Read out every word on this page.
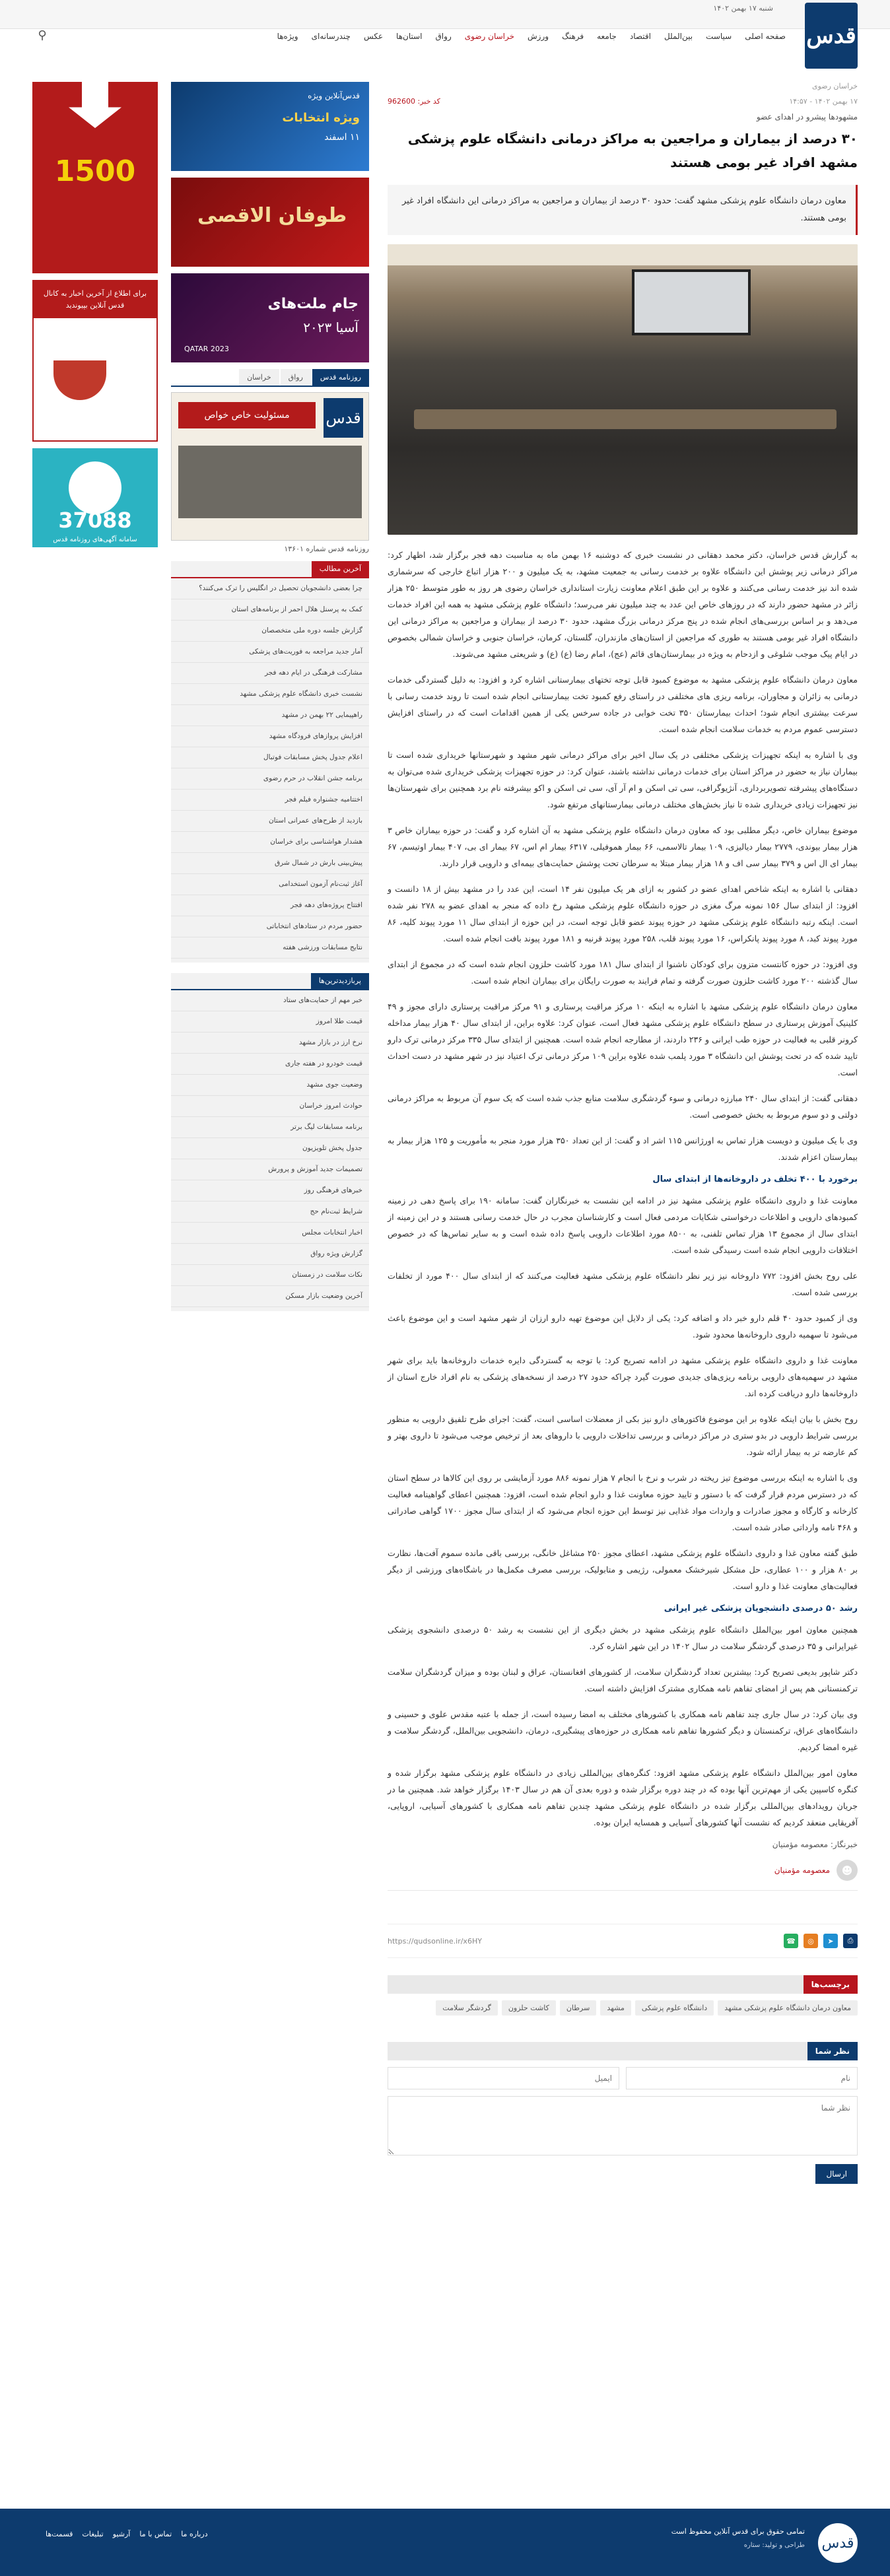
شنبه ۱۷ بهمن ۱۴۰۲
قدس
صفحه اصلی
سیاست
بین‌الملل
اقتصاد
جامعه
فرهنگ
ورزش
خراسان رضوی
رواق
استان‌ها
عکس
چندرسانه‌ای
ویژه‌ها
⚲
خراسان رضوی
۱۷ بهمن ۱۴۰۲ - ۱۴:۵۷
کد خبر: 962600
مشهودها پیشرو در اهدای عضو
۳۰ درصد از بیماران و مراجعین به مراکز درمانی دانشگاه علوم پزشکی مشهد افراد غیر بومی هستند
معاون درمان دانشگاه علوم پزشکی مشهد گفت: حدود ۳۰ درصد از بیماران و مراجعین به مراکز درمانی این دانشگاه افراد غیر بومی هستند.

به گزارش قدس خراسان، دکتر محمد دهقانی در نشست خبری که دوشنبه ۱۶ بهمن ماه به مناسبت دهه فجر برگزار شد، اظهار کرد: مراکز درمانی زیر پوشش این دانشگاه علاوه بر خدمت رسانی به جمعیت مشهد، به یک میلیون و ۲۰۰ هزار اتباع خارجی که سرشماری شده اند نیز خدمت رسانی می‌کنند و علاوه بر این طبق اعلام معاونت زیارت استانداری خراسان رضوی هر روز به طور متوسط ۲۵۰ هزار زائر در مشهد حضور دارند که در روزهای خاص این عدد به چند میلیون نفر می‌رسد؛ دانشگاه علوم پزشکی مشهد به همه این افراد خدمات می‌دهد و بر اساس بررسی‌های انجام شده در پنج مرکز درمانی بزرگ مشهد، حدود ۳۰ درصد از بیماران و مراجعین به مراکز درمانی این دانشگاه افراد غیر بومی هستند به طوری که مراجعین از استان‌های مازندران، گلستان، کرمان، خراسان جنوبی و خراسان شمالی بخصوص در ایام پیک موجب شلوغی و ازدحام به ویژه در بیمارستان‌های قائم (عج)، امام رضا (ع) (ع) و شریعتی مشهد می‌شوند.

معاون درمان دانشگاه علوم پزشکی مشهد به موضوع کمبود قابل توجه تختهای بیمارستانی اشاره کرد و افزود: به دلیل گستردگی خدمات درمانی به زائران و مجاوران، برنامه ریزی های مختلفی در راستای رفع کمبود تخت بیمارستانی انجام شده است تا روند خدمت رسانی با سرعت بیشتری انجام شود؛ احداث بیمارستان ۳۵۰ تخت خوابی در جاده سرخس یکی از همین اقدامات است که در راستای افزایش دسترسی عموم مردم به خدمات سلامت انجام شده است.

وی با اشاره به اینکه تجهیزات پزشکی مختلفی در یک سال اخیر برای مراکز درمانی شهر مشهد و شهرستانها خریداری شده است تا بیماران نیاز به حضور در مراکز استان برای خدمات درمانی نداشته باشند، عنوان کرد: در حوزه تجهیزات پزشکی خریداری شده می‌توان به دستگاه‌های پیشرفته تصویربرداری، آنژیوگرافی، سی تی اسکن و ام آر آی، سی تی اسکن و اکو بیشرفته نام برد همچنین برای شهرستان‌ها نیز تجهیزات زیادی خریداری شده تا نیاز بخش‌های مختلف درمانی بیمارستانهای مرتفع شود.

موضوع بیماران خاص، دیگر مطلبی بود که معاون درمان دانشگاه علوم پزشکی مشهد به آن اشاره کرد و گفت: در حوزه بیماران خاص ۳ هزار بیمار بیوندی، ۲۷۷۹ بیمار دیالیزی، ۱۰۹ بیمار تالاسمی، ۶۶ بیمار هموفیلی، ۶۳۱۷ بیمار ام اس، ۶۷ بیمار ای بی، ۴۰۷ بیمار اوتیسم، ۶۷ بیمار ای ال اس و ۳۷۹ بیمار سی اف و ۱۸ هزار بیمار مبتلا به سرطان تحت پوشش حمایت‌های بیمه‌ای و دارویی قرار دارند.

دهقانی با اشاره به اینکه شاخص اهدای عضو در کشور به ازای هر یک میلیون نفر ۱۴ است، این عدد را در مشهد بیش از ۱۸ دانست و افزود: از ابتدای سال ۱۵۶ نمونه مرگ مغزی در حوزه دانشگاه علوم پزشکی مشهد رخ داده که منجر به اهدای عضو به ۲۷۸ نفر شده است. اینکه رتبه دانشگاه علوم پزشکی مشهد در حوزه پیوند عضو قابل توجه است، در این حوزه از ابتدای سال ۱۱ مورد پیوند کلیه، ۸۶ مورد پیوند کبد، ۸ مورد پیوند پانکراس، ۱۶ مورد پیوند قلب، ۲۵۸ مورد پیوند قرنیه و ۱۸۱ مورد پیوند بافت انجام شده است.

وی افزود: در حوزه کانتست متزون برای کودکان ناشنوا از ابتدای سال ۱۸۱ مورد کاشت حلزون انجام شده است که در مجموع از ابتدای سال گذشته ۲۰۰ مورد کاشت حلزون صورت گرفته و تمام فرایند به صورت رایگان برای بیماران انجام شده است.

معاون درمان دانشگاه علوم پزشکی مشهد با اشاره به اینکه ۱۰ مرکز مراقبت پرستاری و ۹۱ مرکز مراقبت پرستاری دارای مجوز و ۴۹ کلینیک آموزش پرستاری در سطح دانشگاه علوم پزشکی مشهد فعال است، عنوان کرد: علاوه براین، از ابتدای سال ۴۰ هزار بیمار مداخله کرونر قلبی به فعالیت در حوزه طب ایرانی و ۲۳۶ داردند، از مطارجه انجام شده است. همچنین از ابتدای سال ۳۳۵ مرکز درمانی ترک دارو تایید شده که در تحت پوشش این دانشگاه ۳ مورد پلمب شده علاوه براین ۱۰۹ مرکز درمانی ترک اعتیاد نیز در شهر مشهد در دست احداث است.

دهقانی گفت: از ابتدای سال ۲۴۰ مبارزه درمانی و سوء گردشگری سلامت منابع جذب شده است که یک سوم آن مربوط به مراکز درمانی دولتی و دو سوم مربوط به بخش خصوصی است.

وی با یک میلیون و دویست هزار تماس به اورژانس ۱۱۵ اشر اد و گفت: از این تعداد ۳۵۰ هزار مورد منجر به مأموریت و ۱۲۵ هزار بیمار به بیمارستان اعزام شدند.

برخورد با ۴۰۰ تخلف در داروخانه‌ها از ابتدای سال

معاونت غذا و داروی دانشگاه علوم پزشکی مشهد نیز در ادامه این نشست به خبرنگاران گفت: سامانه ۱۹۰ برای پاسخ دهی در زمینه کمبودهای دارویی و اطلاعات درخواستی شکایات مردمی فعال است و کارشناسان مجرب در حال خدمت رسانی هستند و در این زمینه از ابتدای سال از مجموع ۱۳ هزار تماس تلفنی، به ۸۵۰۰ مورد اطلاعات دارویی پاسخ داده شده است و به سایر تماس‌ها که در خصوص اختلافات دارویی انجام شده است رسیدگی شده است.

علی روح بخش افزود: ۷۷۲ داروخانه نیز زیر نظر دانشگاه علوم پزشکی مشهد فعالیت می‌کنند که از ابتدای سال ۴۰۰ مورد از تخلفات بررسی شده است.

وی از کمبود حدود ۴۰ قلم دارو خبر داد و اضافه کرد: یکی از دلایل این موضوع تهیه دارو ارزان از شهر مشهد است و این موضوع باعث می‌شود تا سهمیه داروی داروخانه‌ها محدود شود.

معاونت غذا و داروی دانشگاه علوم پزشکی مشهد در ادامه تصریح کرد: با توجه به گستردگی دایره خدمات داروخانه‌ها باید برای شهر مشهد در سهمیه‌های دارویی برنامه ریزی‌های جدیدی صورت گیرد چراکه حدود ۲۷ درصد از نسخه‌های پزشکی به نام افراد خارج استان از داروخانه‌ها دارو دریافت کرده اند.

روح بخش با بیان اینکه علاوه بر این موضوع فاکتور‌های دارو نیز بکی از معضلات اساسی است، گفت: اجرای طرح تلفیق دارویی به منظور بررسی شرایط دارویی در بدو ستری در مراکز درمانی و بررسی تداخلات دارویی با داروهای بعد از ترخیص موجب می‌شود تا داروی بهتر و کم عارضه تر به بیمار ارائه شود.

وی با اشاره به اینکه بررسی موضوع تیز ریخته در شرب و نرخ با انجام ۷ هزار نمونه ۸۸۶ مورد آزمایشی بر روی این کالاها در سطح استان که در دسترس مردم قرار گرفت که با دستور و تایید حوزه معاونت غذا و دارو انجام شده است، افزود: همچنین اعطای گواهینامه فعالیت کارخانه و کارگاه و مجوز صادرات و واردات مواد غذایی نیز توسط این حوزه انجام می‌شود که از ابتدای سال مجوز ۱۷۰۰ گواهی صادراتی و ۴۶۸ نامه وارداتی صادر شده است.

طبق گفته معاون غذا و داروی دانشگاه علوم پزشکی مشهد، اعطای مجوز ۲۵۰ مشاغل خانگی، بررسی باقی مانده سموم آفت‌ها، نظارت بر ۸۰ هزار و ۱۰۰ عطاری، حل مشکل شیرخشک معمولی، رژیمی و متابولیک، بررسی مصرف مکمل‌ها در باشگاه‌های ورزشی از دیگر فعالیت‌های معاونت غذا و دارو است.

رشد ۵۰ درصدی دانشجویان پزشکی غیر ایرانی

همچنین معاون امور بین‌الملل دانشگاه علوم پزشکی مشهد در بخش دیگری از این نشست به رشد ۵۰ درصدی دانشجوی پزشکی غیرایرانی و ۳۵ درصدی گردشگر سلامت در سال ۱۴۰۲ در این شهر اشاره کرد.

دکتر شاپور بدیعی تصریح کرد: بیشترین تعداد گردشگران سلامت، از کشورهای افغانستان، عراق و لبنان بوده و میزان گردشگران سلامت ترکمنستانی هم پس از امضای تفاهم نامه همکاری مشترک افزایش داشته است.

وی بیان کرد: در سال جاری چند تفاهم نامه همکاری با کشورهای مختلف به امضا رسیده است، از جمله با عتبه مقدس علوی و حسینی و دانشگاه‌های عراق، ترکمنستان و دیگر کشورها تفاهم نامه همکاری در حوزه‌های پیشگیری، درمان، دانشجویی بین‌الملل، گردشگر سلامت و غیره امضا کردیم.

معاون امور بین‌الملل دانشگاه علوم پزشکی مشهد افزود: کنگره‌های بین‌المللی زیادی در دانشگاه علوم پزشکی مشهد برگزار شده و کنگره کاسپین یکی از مهم‌ترین آنها بوده که در چند دوره برگزار شده و دوره بعدی آن هم در سال ۱۴۰۳ برگزار خواهد شد. همچنین ما در جریان رویداد‌های بین‌المللی برگزار شده در دانشگاه علوم پزشکی مشهد چندین تفاهم نامه همکاری با کشورهای آسیایی، اروپایی، آفریقایی منعقد کردیم که نشست آنها کشورهای آسیایی و همسایه ایران بوده.

خبرنگار: معصومه مؤمنیان
☻
معصومه مؤمنیان
⎙
➤
◎
☎
https://qudsonline.ir/x6HY
برچسب‌ها
معاون درمان دانشگاه علوم پزشکی مشهد
دانشگاه علوم پزشکی
مشهد
سرطان
کاشت حلزون
گردشگر سلامت
نظر شما
نام
ایمیل
نظر شما ارسال
قدس‌آنلاین ویژه
ویژه انتخابات
۱۱ اسفند
طوفان الاقصی
جام ملت‌های
آسیا ۲۰۲۳
QATAR 2023
روزنامه قدس
رواق
خراسان
قدس
مسئولیت خاص خواص
روزنامه قدس شماره ۱۳۶۰۱
آخرین مطالب
چرا بعضی دانشجویان تحصیل در انگلیس را ترک می‌کنند؟
کمک به پرسنل هلال احمر از برنامه‌های استان
گزارش جلسه دوره ملی متخصصان
آمار جدید مراجعه به فوریت‌های پزشکی
مشارکت فرهنگی در ایام دهه فجر
نشست خبری دانشگاه علوم پزشکی مشهد
راهپیمایی ۲۲ بهمن در مشهد
افزایش پروازهای فرودگاه مشهد
اعلام جدول پخش مسابقات فوتبال
برنامه جشن انقلاب در حرم رضوی
اختتامیه جشنواره فیلم فجر
بازدید از طرح‌های عمرانی استان
هشدار هواشناسی برای خراسان
پیش‌بینی بارش در شمال شرق
آغاز ثبت‌نام آزمون استخدامی
افتتاح پروژه‌های دهه فجر
حضور مردم در ستادهای انتخاباتی
نتایج مسابقات ورزشی هفته
پربازدیدترین‌ها
خبر مهم از حمایت‌های ستاد
قیمت طلا امروز
نرخ ارز در بازار مشهد
قیمت خودرو در هفته جاری
وضعیت جوی مشهد
حوادث امروز خراسان
برنامه مسابقات لیگ برتر
جدول پخش تلویزیون
تصمیمات جدید آموزش و پرورش
خبرهای فرهنگی روز
شرایط ثبت‌نام حج
اخبار انتخابات مجلس
گزارش ویژه رواق
نکات سلامت در زمستان
آخرین وضعیت بازار مسکن
1500
برای اطلاع از آخرین اخبار به کانال قدس آنلاین بپیوندید
37088
سامانه آگهی‌های روزنامه قدس
قدس
تمامی حقوق برای قدس آنلاین محفوظ است
طراحی و تولید: ستاره
درباره ما
تماس با ما
آرشیو
تبلیغات
قسمت‌ها
